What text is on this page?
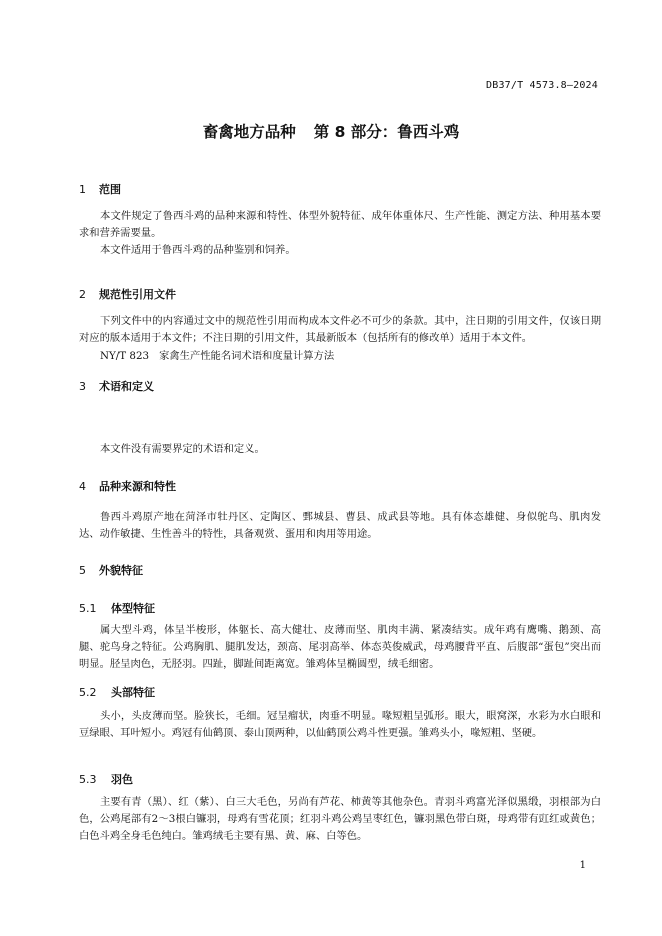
DB37/T 4573.8—2024
畜禽地方品种 第 8 部分：鲁西斗鸡
1 范围

本文件规定了鲁西斗鸡的品种来源和特性、体型外貌特征、成年体重体尺、生产性能、测定方法、种用基本要求和营养需要量。

本文件适用于鲁西斗鸡的品种鉴别和饲养。

2 规范性引用文件

下列文件中的内容通过文中的规范性引用而构成本文件必不可少的条款。其中，注日期的引用文件，仅该日期对应的版本适用于本文件；不注日期的引用文件，其最新版本（包括所有的修改单）适用于本文件。

NY/T 823 家禽生产性能名词术语和度量计算方法
3 术语和定义

本文件没有需要界定的术语和定义。

4 品种来源和特性

鲁西斗鸡原产地在菏泽市牡丹区、定陶区、鄄城县、曹县、成武县等地。具有体态雄健、身似鸵鸟、肌肉发达、动作敏捷、生性善斗的特性，具备观赏、蛋用和肉用等用途。

5 外貌特征
5.1 体型特征

属大型斗鸡，体呈半梭形，体躯长、高大健壮、皮薄而坚、肌肉丰满、紧凑结实。成年鸡有鹰嘴、鹅颈、高腿、驼鸟身之特征。公鸡胸肌、腿肌发达，颈高、尾羽高举、体态英俊威武，母鸡腰背平直、后腹部“蛋包”突出而明显。胫呈肉色，无胫羽。四趾，脚趾间距离宽。雏鸡体呈椭圆型，绒毛细密。

5.2 头部特征

头小，头皮薄而坚。脸狭长，毛细。冠呈瘤状，肉垂不明显。喙短粗呈弧形。眼大，眼窝深，水彩为水白眼和豆绿眼、耳叶短小。鸡冠有仙鹤顶、泰山顶两种，以仙鹤顶公鸡斗性更强。雏鸡头小，喙短粗、坚硬。

5.3 羽色

主要有青（黑）、红（紫）、白三大毛色，另尚有芦花、柿黄等其他杂色。青羽斗鸡富光泽似黑缎，羽根部为白色，公鸡尾部有2～3根白镰羽，母鸡有雪花顶；红羽斗鸡公鸡呈枣红色，镰羽黑色带白斑，母鸡带有豇红或黄色；白色斗鸡全身毛色纯白。雏鸡绒毛主要有黑、黄、麻、白等色。

1
